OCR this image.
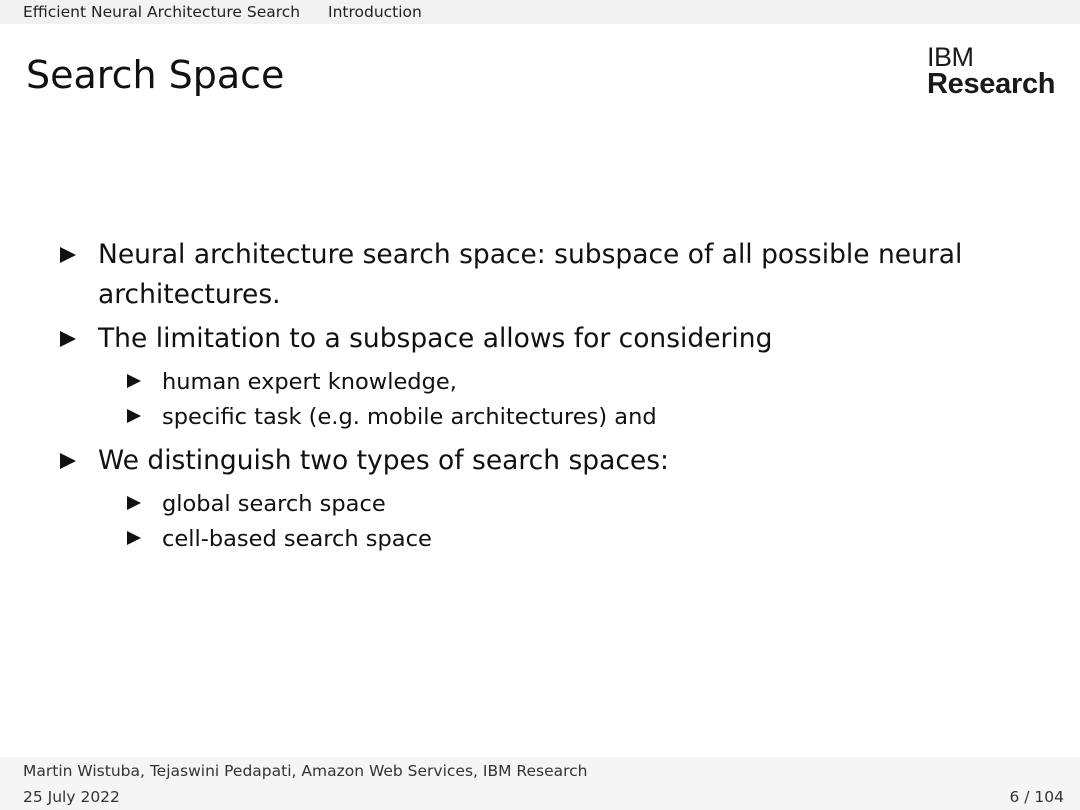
Efficient Neural Architecture Search Introduction
Search Space	IBM
Research
Neural architecture search space: subspace of all possible neural
architectures.
The limitation to a subspace allows for considering
human expert knowledge,
specific task (e.g. mobile architectures) and
We distinguish two types of search spaces:
global search space
cell-based search space
Martin Wistuba, Tejaswini Pedapati, Amazon Web Services, IBM Research
25 July 2022	6 / 104
